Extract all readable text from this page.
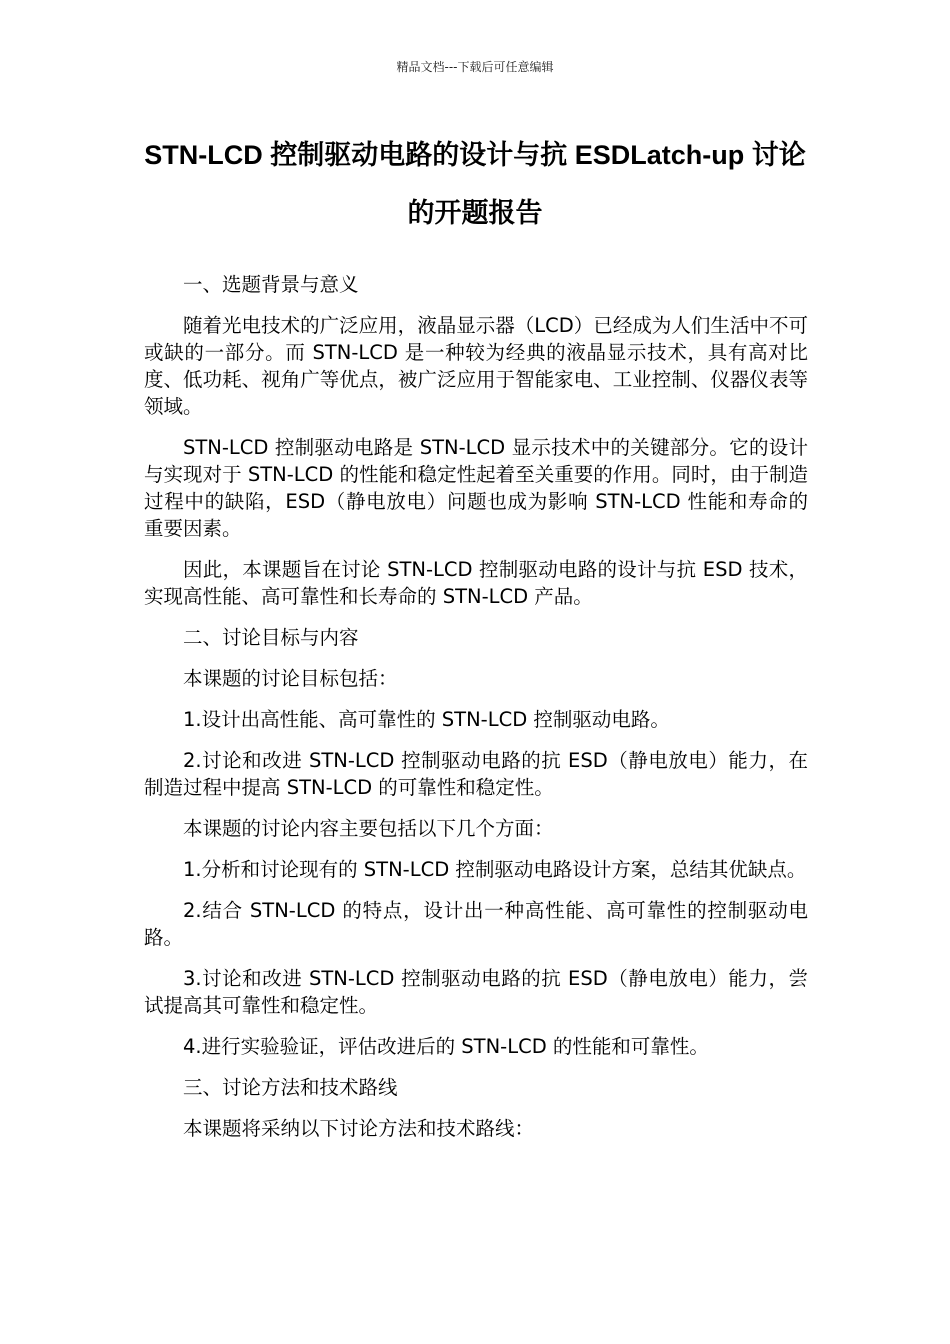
精品文档---下载后可任意编辑
STN-LCD 控制驱动电路的设计与抗 ESDLatch-up 讨论的开题报告

一、选题背景与意义

随着光电技术的广泛应用，液晶显示器（LCD）已经成为人们生活中不可或缺的一部分。而 STN-LCD 是一种较为经典的液晶显示技术，具有高对比度、低功耗、视角广等优点，被广泛应用于智能家电、工业控制、仪器仪表等领域。

STN-LCD 控制驱动电路是 STN-LCD 显示技术中的关键部分。它的设计与实现对于 STN-LCD 的性能和稳定性起着至关重要的作用。同时，由于制造过程中的缺陷，ESD（静电放电）问题也成为影响 STN-LCD 性能和寿命的重要因素。

因此，本课题旨在讨论 STN-LCD 控制驱动电路的设计与抗 ESD 技术，实现高性能、高可靠性和长寿命的 STN-LCD 产品。

二、讨论目标与内容

本课题的讨论目标包括：

1.设计出高性能、高可靠性的 STN-LCD 控制驱动电路。

2.讨论和改进 STN-LCD 控制驱动电路的抗 ESD（静电放电）能力，在制造过程中提高 STN-LCD 的可靠性和稳定性。

本课题的讨论内容主要包括以下几个方面：

1.分析和讨论现有的 STN-LCD 控制驱动电路设计方案，总结其优缺点。

2.结合 STN-LCD 的特点，设计出一种高性能、高可靠性的控制驱动电路。

3.讨论和改进 STN-LCD 控制驱动电路的抗 ESD（静电放电）能力，尝试提高其可靠性和稳定性。

4.进行实验验证，评估改进后的 STN-LCD 的性能和可靠性。

三、讨论方法和技术路线

本课题将采纳以下讨论方法和技术路线：
